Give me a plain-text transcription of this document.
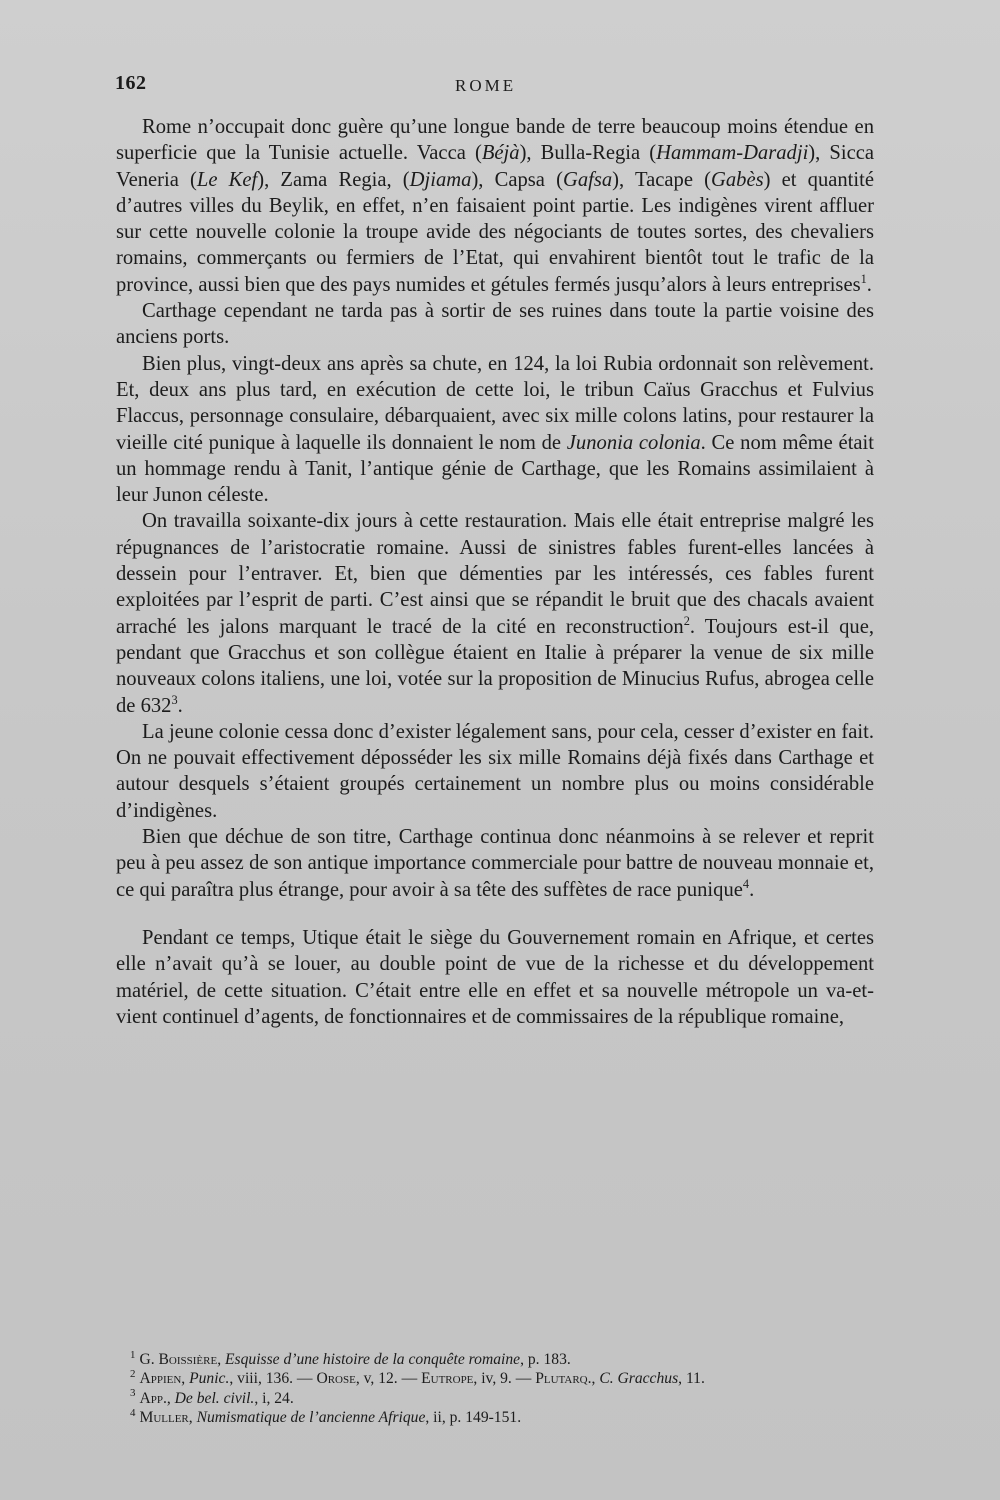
162	ROME

Rome n’occupait donc guère qu’une longue bande de terre beaucoup moins étendue en superficie que la Tunisie actuelle. Vacca (Béjà), Bulla-Regia (Hammam-Daradji), Sicca Veneria (Le Kef), Zama Regia, (Djiama), Capsa (Gafsa), Tacape (Gabès) et quantité d’autres villes du Beylik, en effet, n’en faisaient point partie. Les indigènes virent affluer sur cette nouvelle colonie la troupe avide des négociants de toutes sortes, des chevaliers romains, commerçants ou fermiers de l’Etat, qui envahirent bientôt tout le trafic de la province, aussi bien que des pays numides et gétules fermés jusqu’alors à leurs entreprises$^1$.

Carthage cependant ne tarda pas à sortir de ses ruines dans toute la partie voisine des anciens ports.

Bien plus, vingt-deux ans après sa chute, en 124, la loi Rubia ordonnait son relèvement. Et, deux ans plus tard, en exécution de cette loi, le tribun Caïus Gracchus et Fulvius Flaccus, personnage consulaire, débarquaient, avec six mille colons latins, pour restaurer la vieille cité punique à laquelle ils donnaient le nom de Junonia colonia. Ce nom même était un hommage rendu à Tanit, l’antique génie de Carthage, que les Romains assimilaient à leur Junon céleste.

On travailla soixante-dix jours à cette restauration. Mais elle était entreprise malgré les répugnances de l’aristocratie romaine. Aussi de sinistres fables furent-elles lancées à dessein pour l’entraver. Et, bien que démenties par les intéressés, ces fables furent exploitées par l’esprit de parti. C’est ainsi que se répandit le bruit que des chacals avaient arraché les jalons marquant le tracé de la cité en reconstruction$^2$. Toujours est-il que, pendant que Gracchus et son collègue étaient en Italie à préparer la venue de six mille nouveaux colons italiens, une loi, votée sur la proposition de Minucius Rufus, abrogea celle de $632^3$.

La jeune colonie cessa donc d’exister légalement sans, pour cela, cesser d’exister en fait. On ne pouvait effectivement déposséder les six mille Romains déjà fixés dans Carthage et autour desquels s’étaient groupés certainement un nombre plus ou moins considérable d’indigènes.

Bien que déchue de son titre, Carthage continua donc néanmoins à se relever et reprit peu à peu assez de son antique importance commerciale pour battre de nouveau monnaie et, ce qui paraîtra plus étrange, pour avoir à sa tête des suffètes de race punique$^4$.

Pendant ce temps, Utique était le siège du Gouvernement romain en Afrique, et certes elle n’avait qu’à se louer, au double point de vue de la richesse et du développement matériel, de cette situation. C’était entre elle en effet et sa nouvelle métropole un va-et-vient continuel d’agents, de fonctionnaires et de commissaires de la république romaine,

$^1$ G. Boissière, Esquisse d’une histoire de la conquête romaine, p. 183.

$^2$ Appien, Punic., viii, 136. — Orose, v, 12. — Eutrope, iv, 9. — Plutarq., C. Gracchus, 11.

$^3$ App., De bel. civil., i, 24.

$^4$ Muller, Numismatique de l’ancienne Afrique, ii, p. 149-151.
